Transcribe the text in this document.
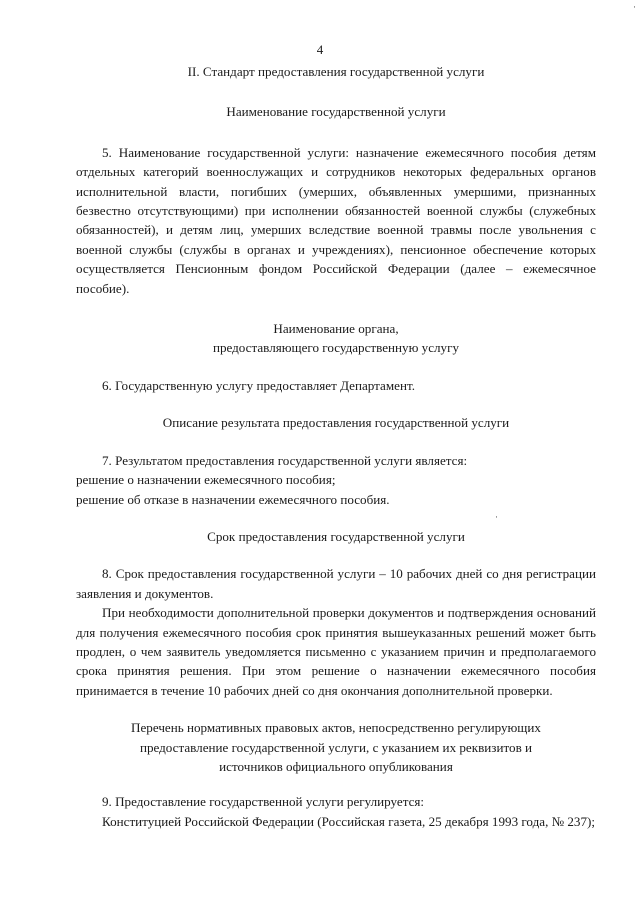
4
·
·

II. Стандарт предоставления государственной услуги

Наименование государственной услуги

5. Наименование государственной услуги: назначение ежемесячного пособия детям отдельных категорий военнослужащих и сотрудников некоторых федеральных органов исполнительной власти, погибших (умерших, объявленных умершими, признанных безвестно отсутствующими) при исполнении обязанностей военной службы (служебных обязанностей), и детям лиц, умерших вследствие военной травмы после увольнения с военной службы (службы в органах и учреждениях), пенсионное обеспечение которых осуществляется Пенсионным фондом Российской Федерации (далее – ежемесячное пособие).

Наименование органа,

предоставляющего государственную услугу

6. Государственную услугу предоставляет Департамент.

Описание результата предоставления государственной услуги

7. Результатом предоставления государственной услуги является:

решение о назначении ежемесячного пособия;

решение об отказе в назначении ежемесячного пособия.

Срок предоставления государственной услуги

8. Срок предоставления государственной услуги – 10 рабочих дней со дня регистрации заявления и документов.

При необходимости дополнительной проверки документов и подтверждения оснований для получения ежемесячного пособия срок принятия вышеуказанных решений может быть продлен, о чем заявитель уведомляется письменно с указанием причин и предполагаемого срока принятия решения. При этом решение о назначении ежемесячного пособия принимается в течение 10 рабочих дней со дня окончания дополнительной проверки.

Перечень нормативных правовых актов, непосредственно регулирующих

предоставление государственной услуги, с указанием их реквизитов и

источников официального опубликования

9. Предоставление государственной услуги регулируется:

Конституцией Российской Федерации (Российская газета, 25 декабря 1993 года, № 237);
